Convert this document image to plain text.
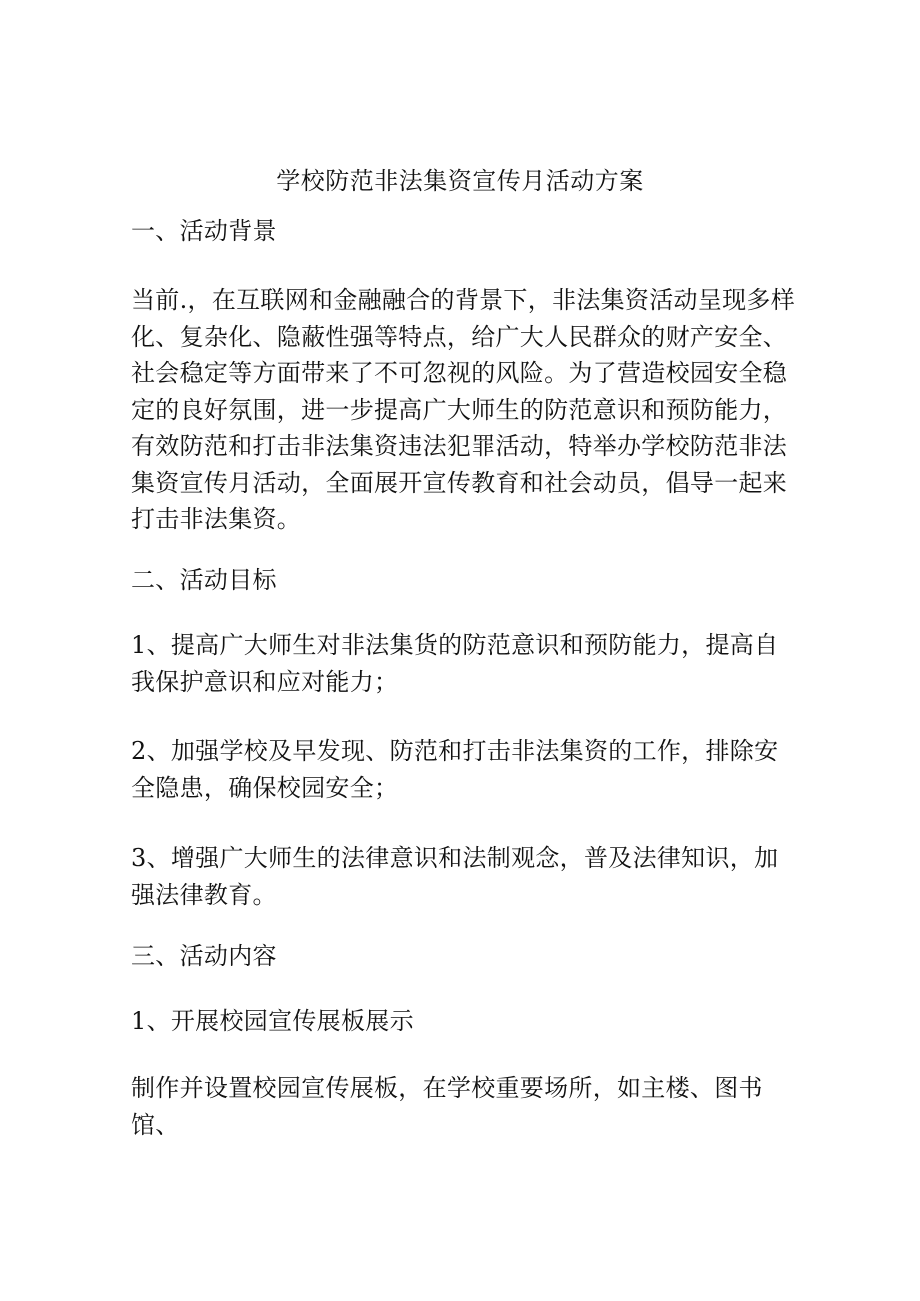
学校防范非法集资宣传月活动方案

一、活动背景

当前.，在互联网和金融融合的背景下，非法集资活动呈现多样化、复杂化、隐蔽性强等特点，给广大人民群众的财产安全、社会稳定等方面带来了不可忽视的风险。为了营造校园安全稳定的良好氛围，进一步提高广大师生的防范意识和预防能力，有效防范和打击非法集资违法犯罪活动，特举办学校防范非法集资宣传月活动，全面展开宣传教育和社会动员，倡导一起来打击非法集资。

二、活动目标

1、提高广大师生对非法集货的防范意识和预防能力，提高自我保护意识和应对能力；

2、加强学校及早发现、防范和打击非法集资的工作，排除安全隐患，确保校园安全；

3、增强广大师生的法律意识和法制观念，普及法律知识，加强法律教育。

三、活动内容

1、开展校园宣传展板展示

制作并设置校园宣传展板，在学校重要场所，如主楼、图书馆、
